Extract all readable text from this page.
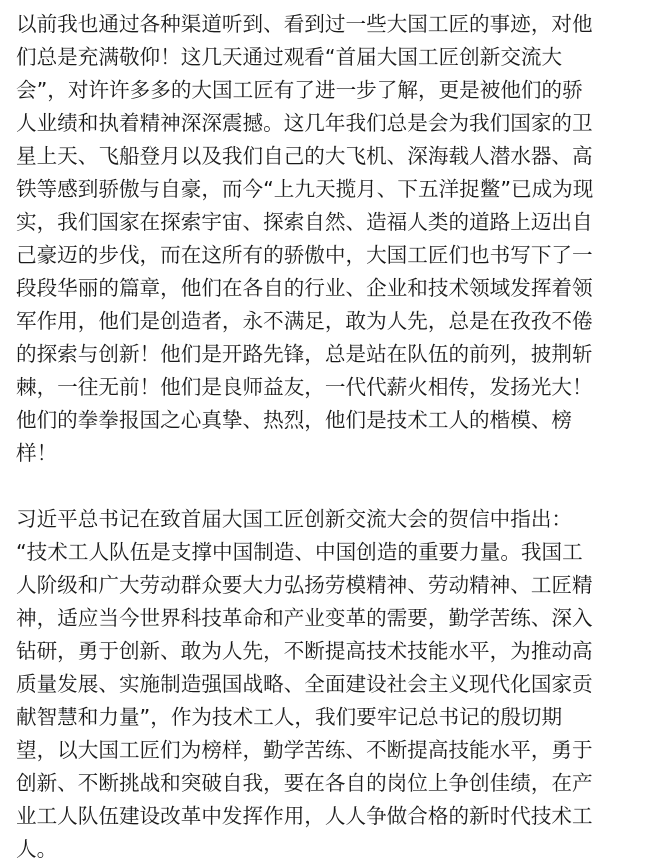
以前我也通过各种渠道听到、看到过一些大国工匠的事迹，对他
们总是充满敬仰！这几天通过观看“首届大国工匠创新交流大
会”，对许许多多的大国工匠有了进一步了解，更是被他们的骄
人业绩和执着精神深深震撼。这几年我们总是会为我们国家的卫
星上天、飞船登月以及我们自己的大飞机、深海载人潜水器、高
铁等感到骄傲与自豪，而今“上九天揽月、下五洋捉鳖”已成为现
实，我们国家在探索宇宙、探索自然、造福人类的道路上迈出自
己豪迈的步伐，而在这所有的骄傲中，大国工匠们也书写下了一
段段华丽的篇章，他们在各自的行业、企业和技术领域发挥着领
军作用，他们是创造者，永不满足，敢为人先，总是在孜孜不倦
的探索与创新！他们是开路先锋，总是站在队伍的前列，披荆斩
棘，一往无前！他们是良师益友，一代代薪火相传，发扬光大！
他们的拳拳报国之心真挚、热烈，他们是技术工人的楷模、榜
样！
习近平总书记在致首届大国工匠创新交流大会的贺信中指出：
“技术工人队伍是支撑中国制造、中国创造的重要力量。我国工
人阶级和广大劳动群众要大力弘扬劳模精神、劳动精神、工匠精
神，适应当今世界科技革命和产业变革的需要，勤学苦练、深入
钻研，勇于创新、敢为人先，不断提高技术技能水平，为推动高
质量发展、实施制造强国战略、全面建设社会主义现代化国家贡
献智慧和力量”，作为技术工人，我们要牢记总书记的殷切期
望，以大国工匠们为榜样，勤学苦练、不断提高技能水平，勇于
创新、不断挑战和突破自我，要在各自的岗位上争创佳绩，在产
业工人队伍建设改革中发挥作用，人人争做合格的新时代技术工
人。
